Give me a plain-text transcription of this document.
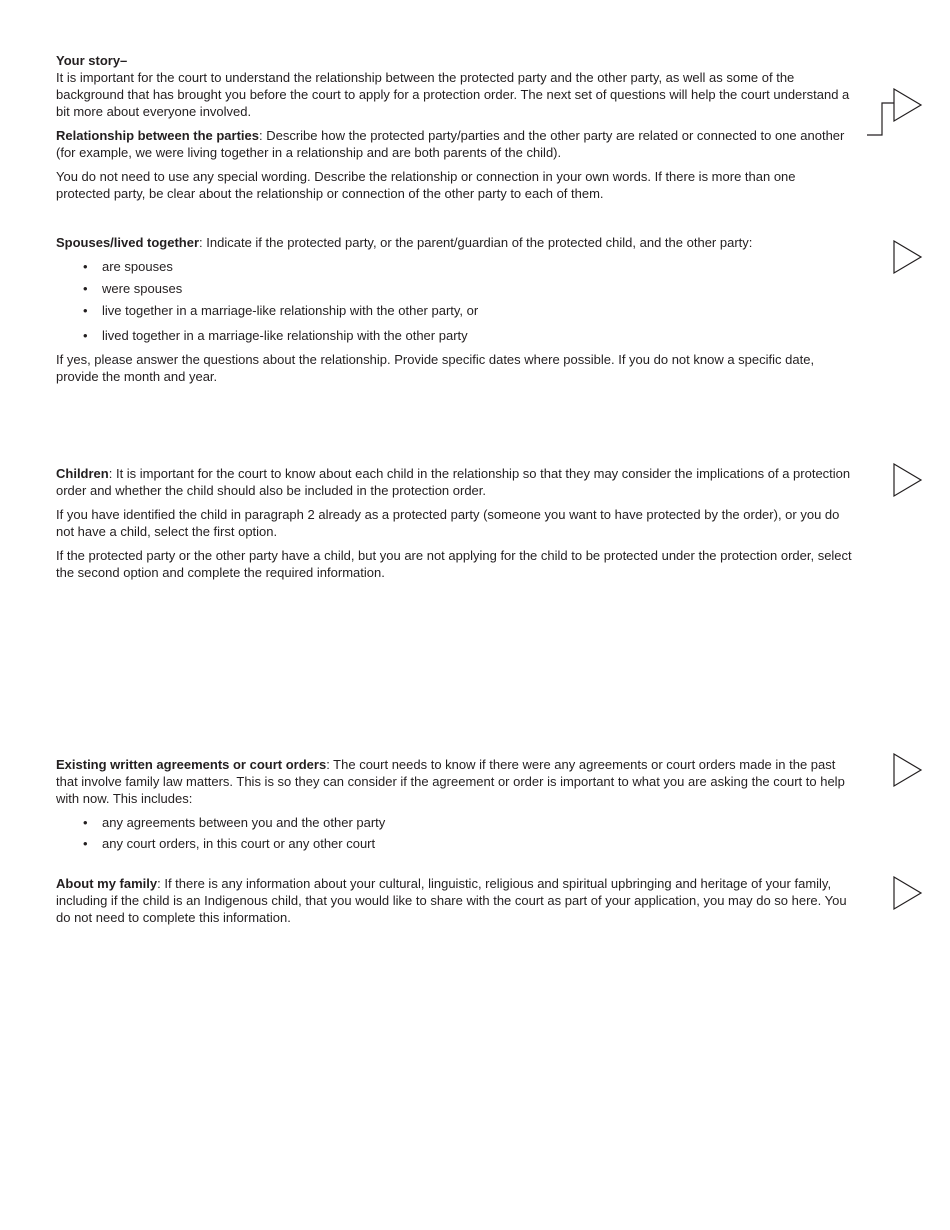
Your story–

It is important for the court to understand the relationship between the protected party and the other party, as well as some of the background that has brought you before the court to apply for a protection order. The next set of questions will help the court understand a bit more about everyone involved.

Relationship between the parties: Describe how the protected party/parties and the other party are related or connected to one another (for example, we were living together in a relationship and are both parents of the child).

You do not need to use any special wording. Describe the relationship or connection in your own words. If there is more than one protected party, be clear about the relationship or connection of the other party to each of them.

Spouses/lived together: Indicate if the protected party, or the parent/guardian of the protected child, and the other party:

• are spouses
• were spouses
• live together in a marriage-like relationship with the other party, or
• lived together in a marriage-like relationship with the other party

If yes, please answer the questions about the relationship. Provide specific dates where possible. If you do not know a specific date, provide the month and year.

Children: It is important for the court to know about each child in the relationship so that they may consider the implications of a protection order and whether the child should also be included in the protection order.

If you have identified the child in paragraph 2 already as a protected party (someone you want to have protected by the order), or you do not have a child, select the first option.

If the protected party or the other party have a child, but you are not applying for the child to be protected under the protection order, select the second option and complete the required information.

Existing written agreements or court orders: The court needs to know if there were any agreements or court orders made in the past that involve family law matters. This is so they can consider if the agreement or order is important to what you are asking the court to help with now. This includes:

• any agreements between you and the other party
• any court orders, in this court or any other court

About my family: If there is any information about your cultural, linguistic, religious and spiritual upbringing and heritage of your family, including if the child is an Indigenous child, that you would like to share with the court as part of your application, you may do so here. You do not need to complete this information.
